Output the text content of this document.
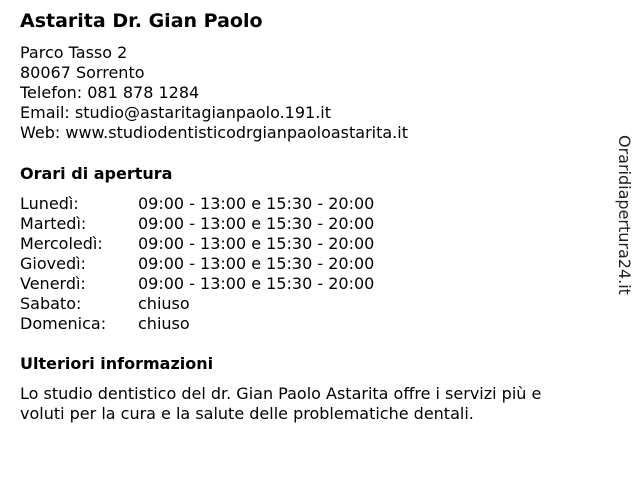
Astarita Dr. Gian Paolo
Parco Tasso 2
80067 Sorrento
Telefon: 081 878 1284
Email: studio@astaritagianpaolo.191.it
Web: www.studiodentisticodrgianpaoloastarita.it
Orari di apertura
Lunedì:	09:00 - 13:00 e 15:30 - 20:00
Martedì:	09:00 - 13:00 e 15:30 - 20:00
Mercoledì: 09:00 - 13:00 e 15:30 - 20:00
Giovedì:	09:00 - 13:00 e 15:30 - 20:00
Venerdì:	09:00 - 13:00 e 15:30 - 20:00
Sabato:	chiuso
Domenica: chiuso
Ulteriori informazioni
Lo studio dentistico del dr. Gian Paolo Astarita offre i servizi più e
voluti per la cura e la salute delle problematiche dentali.
Oraridiapertura24.it
